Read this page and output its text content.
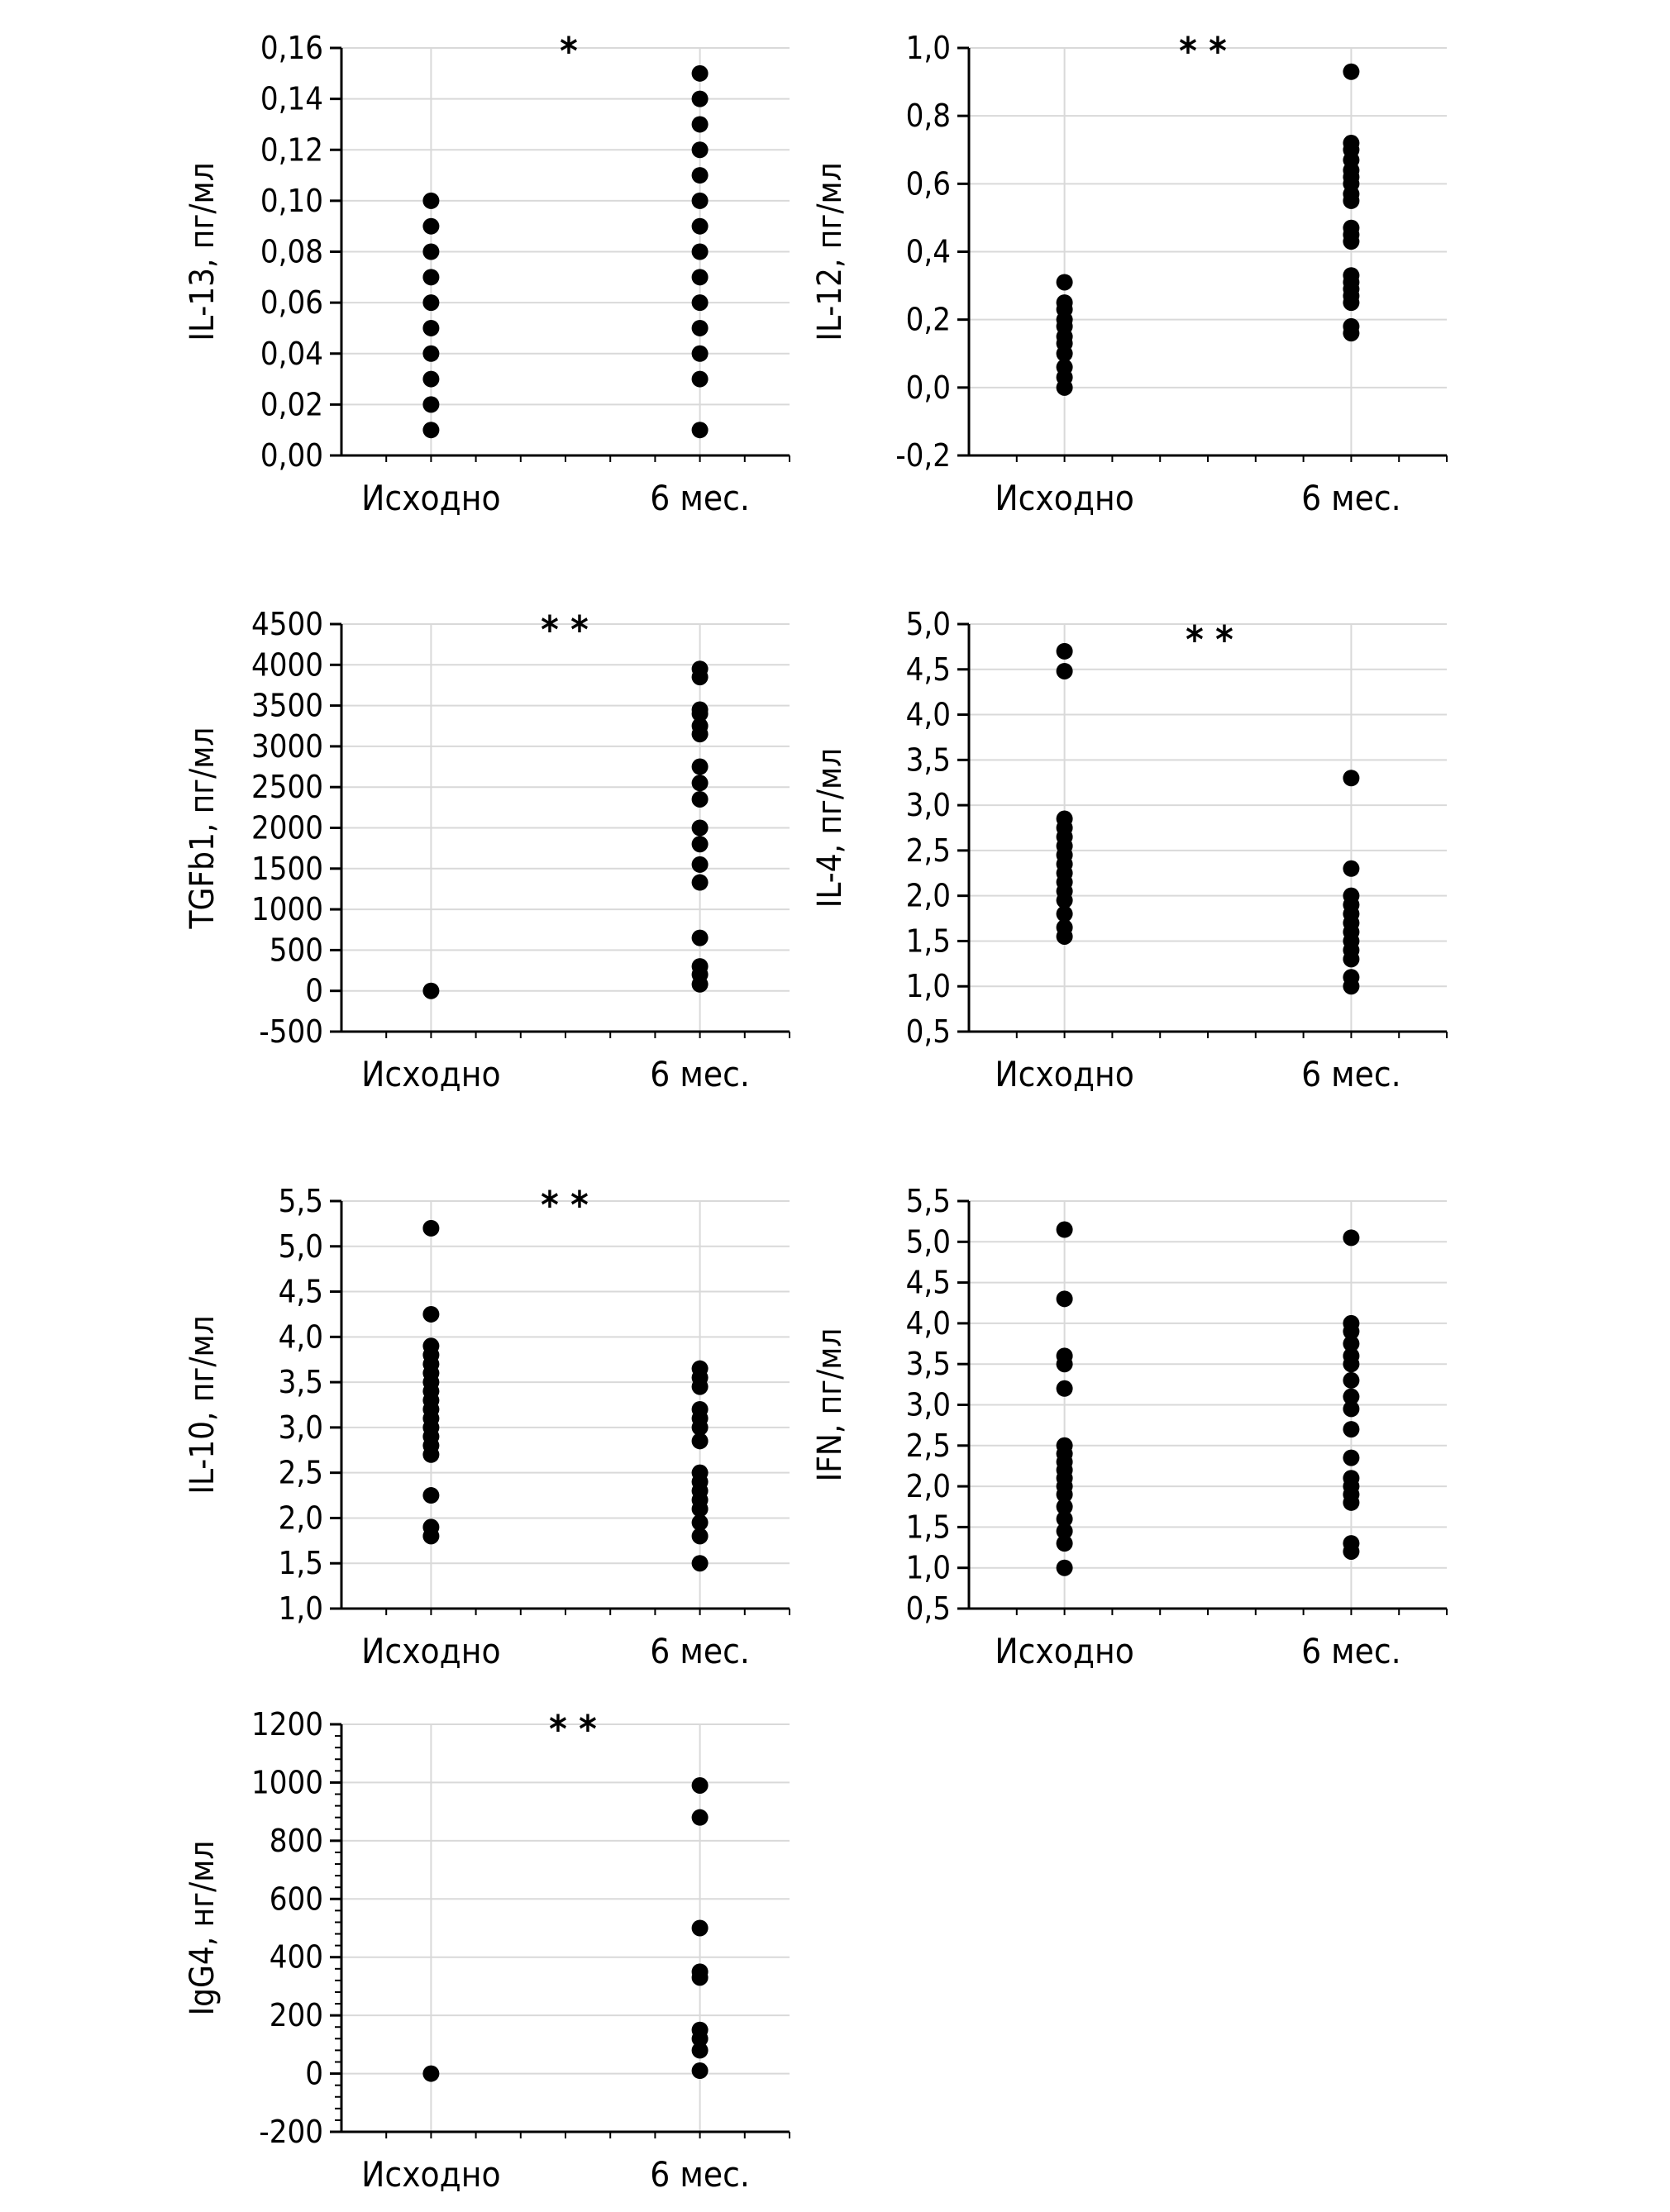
0,00
0,02
0,04
0,06
0,08
0,10
0,12
0,14
0,16
Исходно	6 мес.
IL-13, пг/мл
*
-0,2
0,0
0,2
0,4
0,6
0,8
1,0
Исходно	6 мес.
IL-12, пг/мл
* *
-500
0
500
1000
1500
2000
2500
3000
3500
4000
4500
Исходно	6 мес.
TGFb1, пг/мл
* *
0,5
1,0
1,5
2,0
2,5
3,0
3,5
4,0
4,5
5,0
Исходно	6 мес.
IL-4, пг/мл
* *
1,0
1,5
2,0
2,5
3,0
3,5
4,0
4,5
5,0
5,5
Исходно	6 мес.
IL-10, пг/мл
* *
0,5
1,0
1,5
2,0
2,5
3,0
3,5
4,0
4,5
5,0
5,5
Исходно	6 мес.
IFN, пг/мл
-200
0
200
400
600
800
1000
1200
Исходно	6 мес.
IgG4, нг/мл
* *
